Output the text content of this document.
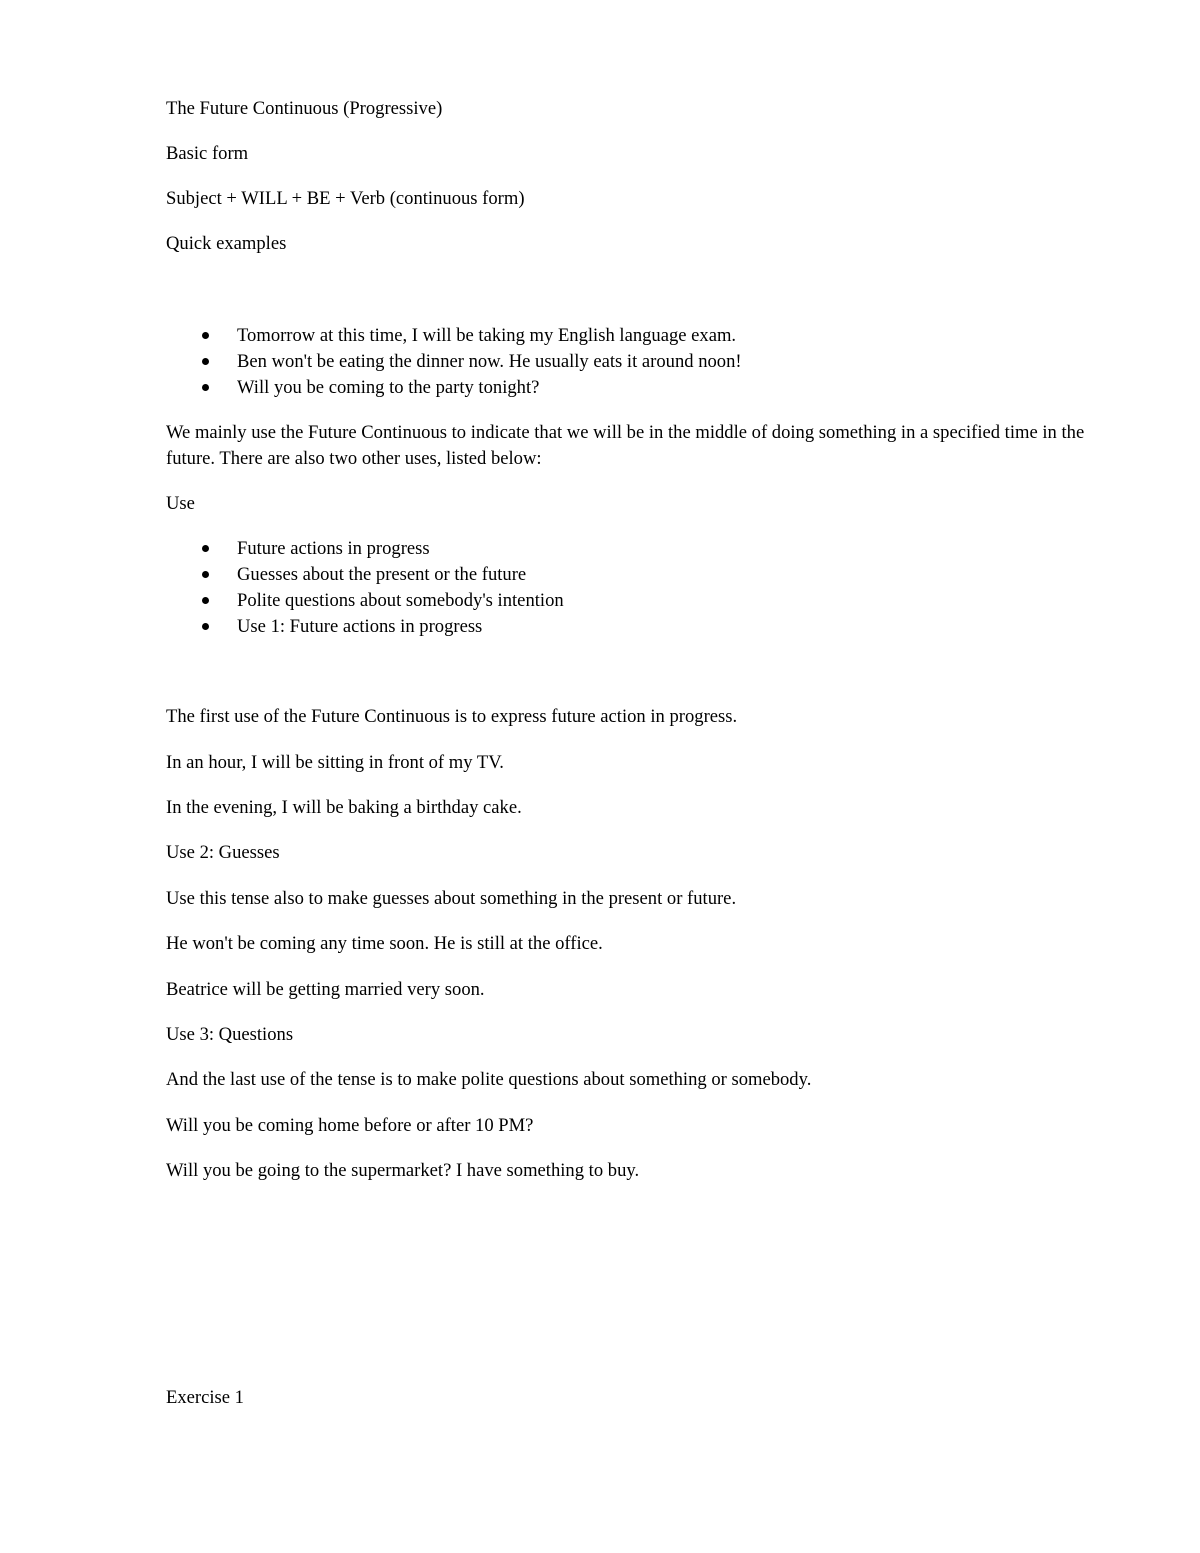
The Future Continuous (Progressive)

Basic form

Subject + WILL + BE + Verb (continuous form)

Quick examples

Tomorrow at this time, I will be taking my English language exam.
Ben won't be eating the dinner now. He usually eats it around noon!
Will you be coming to the party tonight?

We mainly use the Future Continuous to indicate that we will be in the middle of doing something in a specified time in the future. There are also two other uses, listed below:

Use

Future actions in progress
Guesses about the present or the future
Polite questions about somebody's intention
Use 1: Future actions in progress

The first use of the Future Continuous is to express future action in progress.

In an hour, I will be sitting in front of my TV.

In the evening, I will be baking a birthday cake.

Use 2: Guesses

Use this tense also to make guesses about something in the present or future.

He won't be coming any time soon. He is still at the office.

Beatrice will be getting married very soon.

Use 3: Questions

And the last use of the tense is to make polite questions about something or somebody.

Will you be coming home before or after 10 PM?

Will you be going to the supermarket? I have something to buy.

Exercise 1
